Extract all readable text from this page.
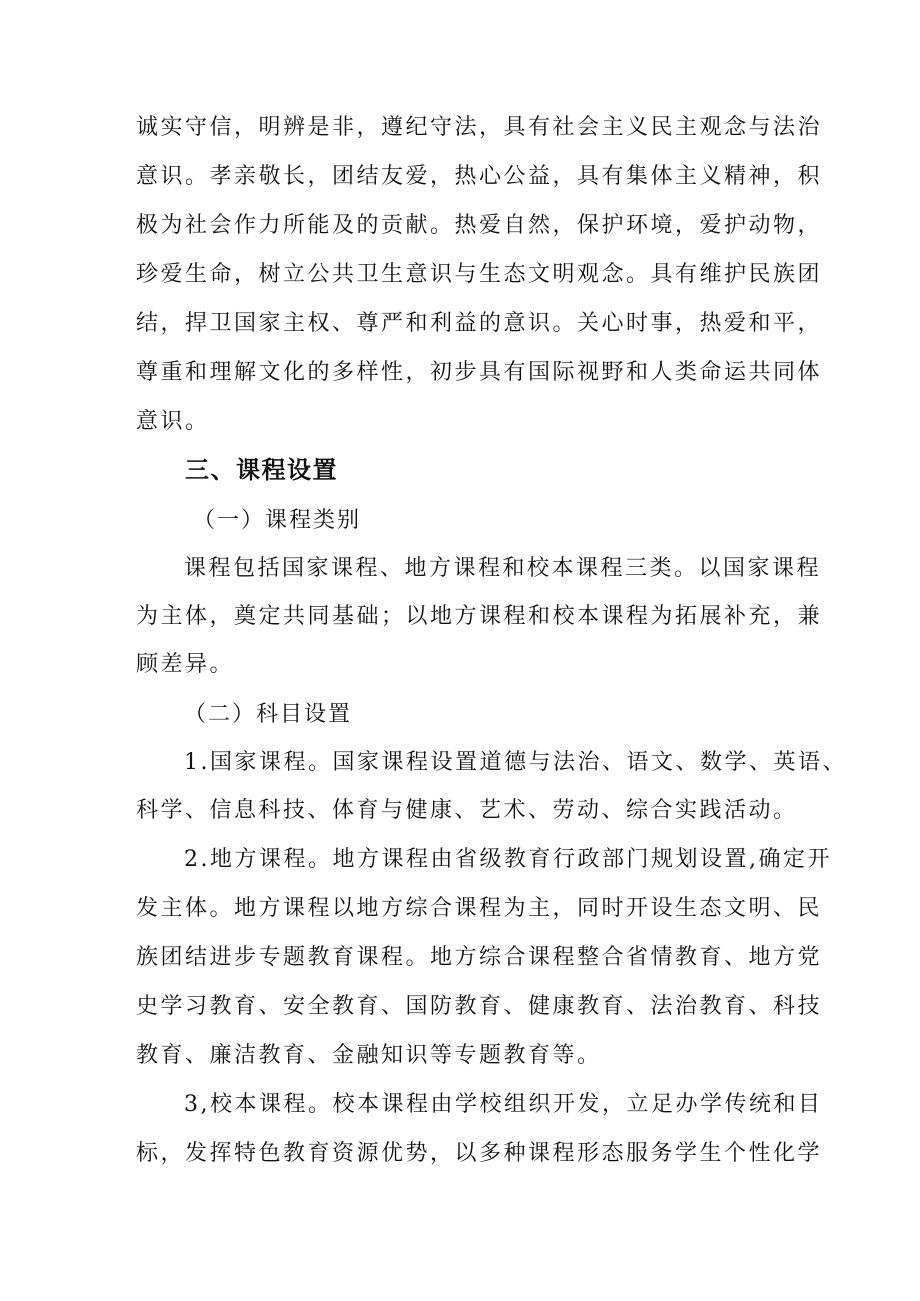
诚实守信，明辨是非，遵纪守法，具有社会主义民主观念与法治
意识。孝亲敬长，团结友爱，热心公益，具有集体主义精神，积
极为社会作力所能及的贡献。热爱自然，保护环境，爱护动物，
珍爱生命，树立公共卫生意识与生态文明观念。具有维护民族团
结，捍卫国家主权、尊严和利益的意识。关心时事，热爱和平，
尊重和理解文化的多样性，初步具有国际视野和人类命运共同体
意识。
三、课程设置
（一）课程类别
课程包括国家课程、地方课程和校本课程三类。以国家课程
为主体，奠定共同基础；以地方课程和校本课程为拓展补充，兼
顾差异。
（二）科目设置
1.国家课程。国家课程设置道德与法治、语文、数学、英语、
科学、信息科技、体育与健康、艺术、劳动、综合实践活动。
2.地方课程。地方课程由省级教育行政部门规划设置,确定开
发主体。地方课程以地方综合课程为主，同时开设生态文明、民
族团结进步专题教育课程。地方综合课程整合省情教育、地方党
史学习教育、安全教育、国防教育、健康教育、法治教育、科技
教育、廉洁教育、金融知识等专题教育等。
3,校本课程。校本课程由学校组织开发，立足办学传统和目
标，发挥特色教育资源优势，以多种课程形态服务学生个性化学
